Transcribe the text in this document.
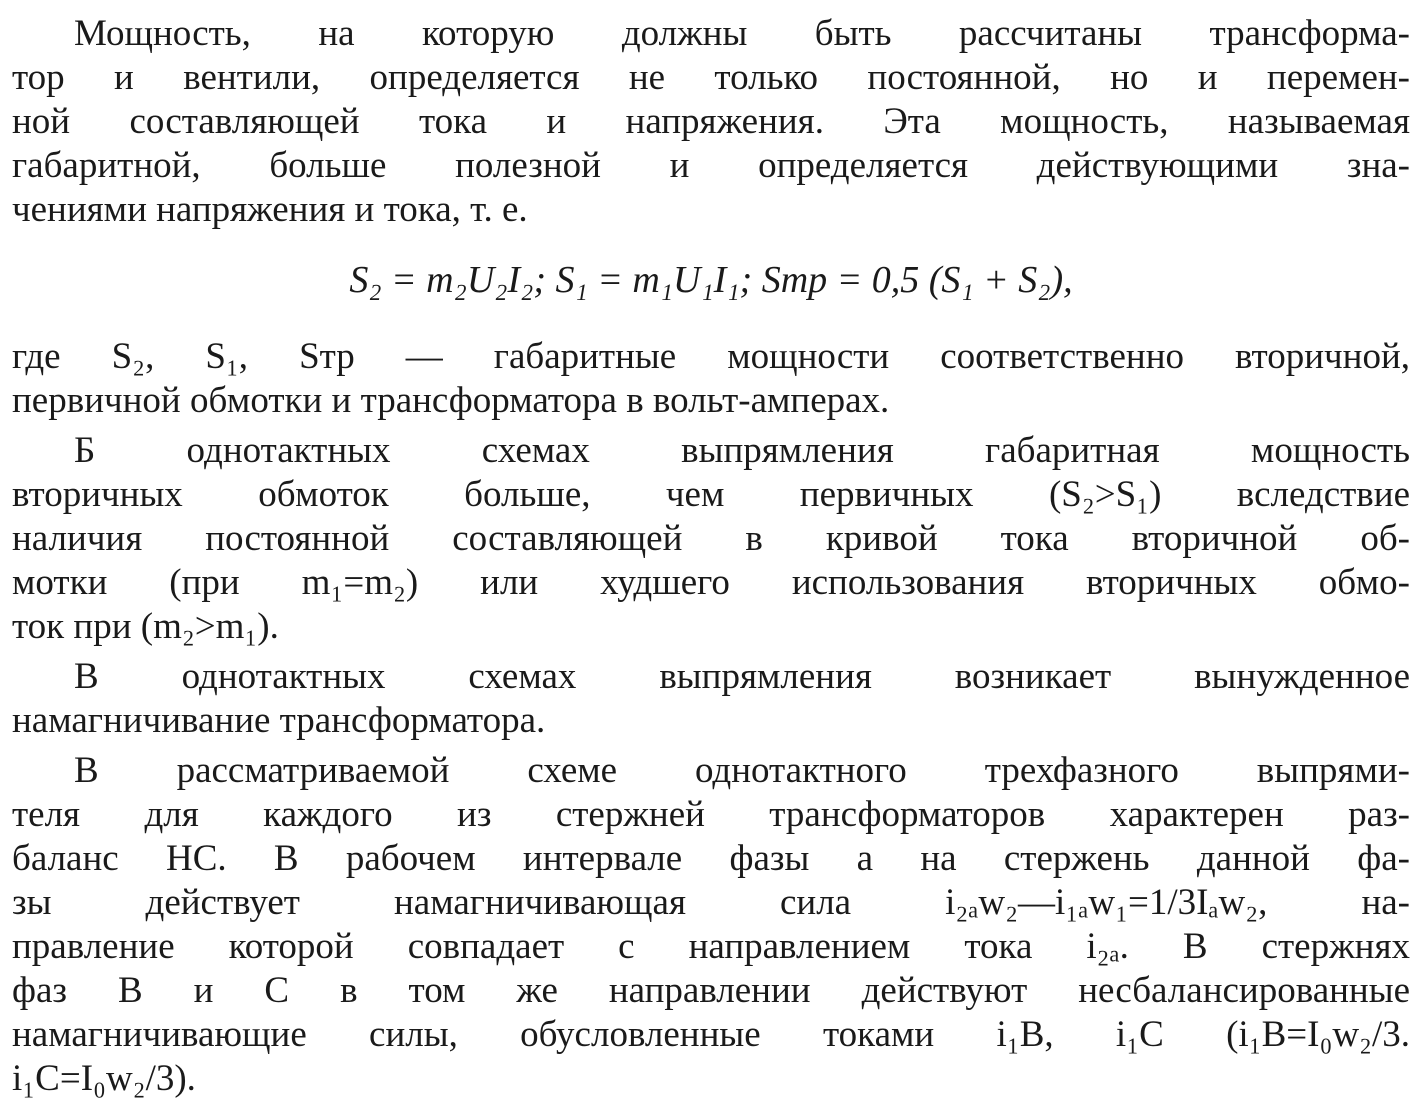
Мощность, на которую должны быть рассчитаны трансформа-
тор и вентили, определяется не только постоянной, но и перемен-
ной составляющей тока и напряжения. Эта мощность, называемая
габаритной, больше полезной и определяется действующими зна-
чениями напряжения и тока, т. е.
S₂ = m₂U₂I₂; S₁ = m₁U₁I₁; Sтр = 0,5 (S₁ + S₂),
где S₂, S₁, Sтр — габаритные мощности соответственно вторичной,
первичной обмотки и трансформатора в вольт-амперах.
Б однотактных схемах выпрямления габаритная мощность
вторичных обмоток больше, чем первичных (S₂>S₁) вследствие
наличия постоянной составляющей в кривой тока вторичной об-
мотки (при m₁=m₂) или худшего использования вторичных обмо-
ток при (m₂>m₁).
В однотактных схемах выпрямления возникает вынужденное
намагничивание трансформатора.
В рассматриваемой схеме однотактного трехфазного выпрями-
теля для каждого из стержней трансформаторов характерен раз-
баланс НС. В рабочем интервале фазы a на стержень данной фа-
зы действует намагничивающая сила i₂ₐw₂—i₁ₐw₁=1/3Iₐw₂, на-
правление которой совпадает с направлением тока i₂ₐ. В стержнях
фаз B и C в том же направлении действуют несбалансированные
намагничивающие силы, обусловленные токами i₁B, i₁C (i₁B=I₀w₂/3.
i₁C=I₀w₂/3).
